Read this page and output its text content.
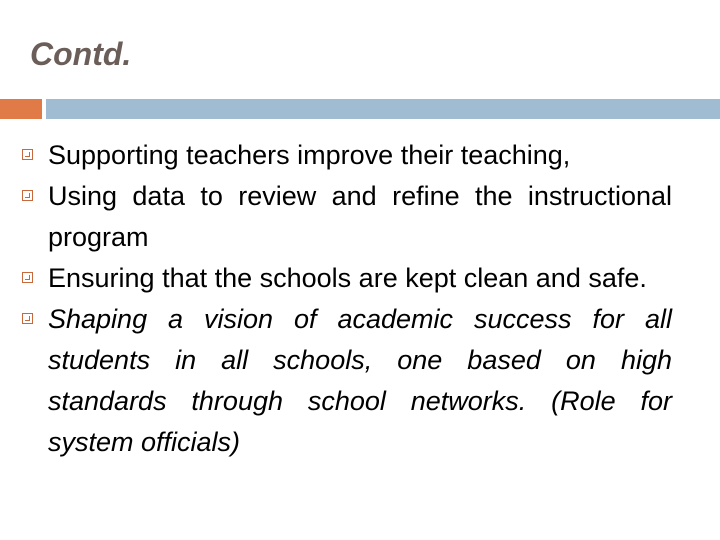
Contd.
Supporting teachers improve their teaching,
Using data to review and refine the instructional program
Ensuring that the schools are kept clean and safe.
Shaping a vision of academic success for all students in all schools, one based on high standards through school networks. (Role for system officials)
